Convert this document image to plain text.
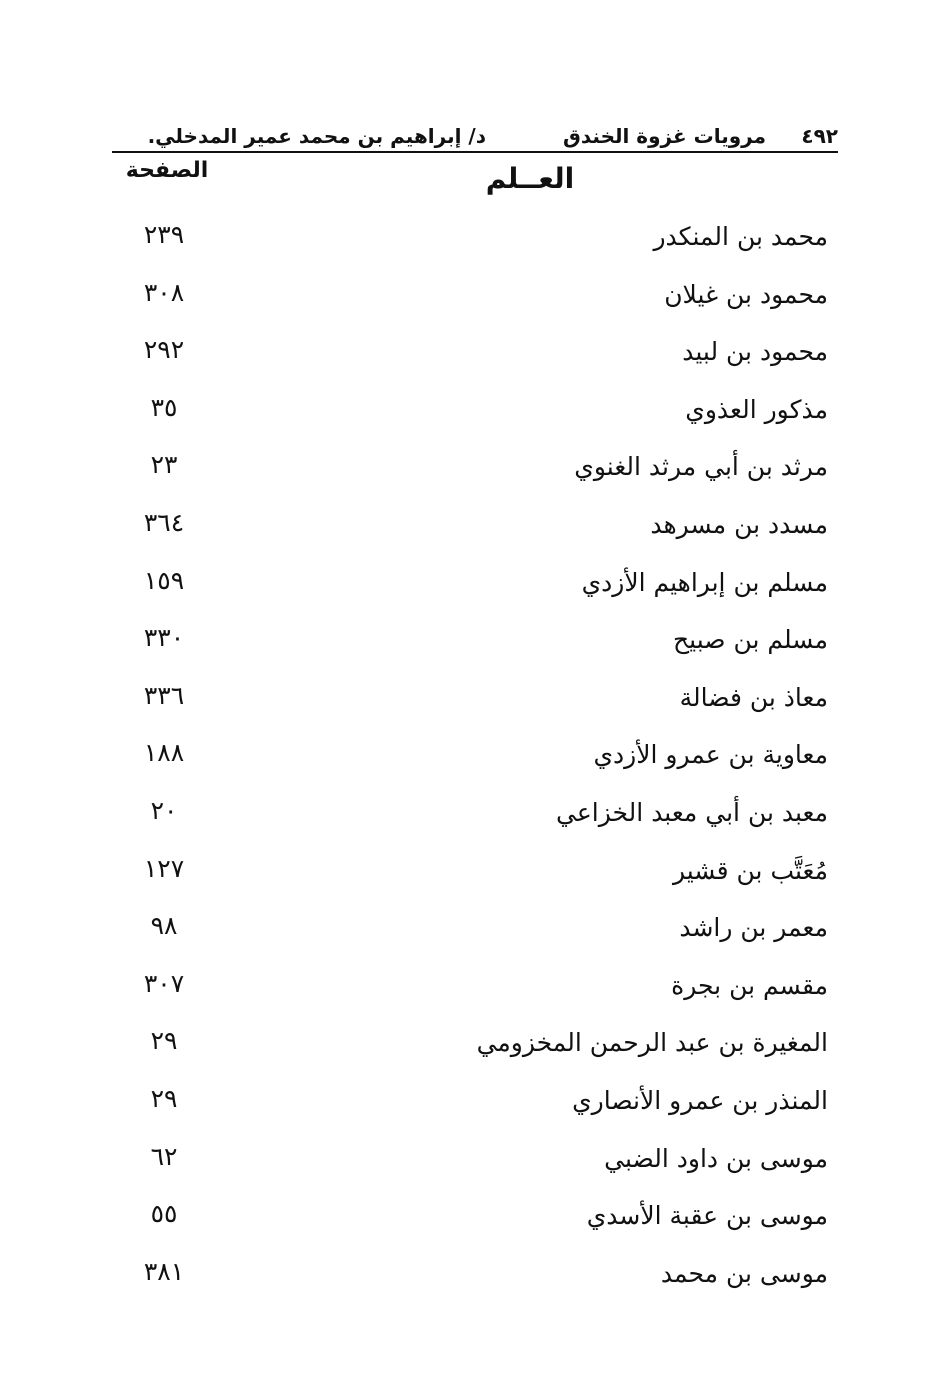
٤٩٢
مرويات غزوة الخندق
د/ إبراهيم بن محمد عمير المدخلي.
العــلم
الصفحة
محمد بن المنكدر
٢٣٩
محمود بن غيلان
٣٠٨
محمود بن لبيد
٢٩٢
مذكور العذوي
٣٥
مرثد بن أبي مرثد الغنوي
٢٣
مسدد بن مسرهد
٣٦٤
مسلم بن إبراهيم الأزدي
١٥٩
مسلم بن صبيح
٣٣٠
معاذ بن فضالة
٣٣٦
معاوية بن عمرو الأزدي
١٨٨
معبد بن أبي معبد الخزاعي
٢٠
مُعَتَّب بن قشير
١٢٧
معمر بن راشد
٩٨
مقسم بن بجرة
٣٠٧
المغيرة بن عبد الرحمن المخزومي
٢٩
المنذر بن عمرو الأنصاري
٢٩
موسى بن داود الضبي
٦٢
موسى بن عقبة الأسدي
٥٥
موسى بن محمد
٣٨١
